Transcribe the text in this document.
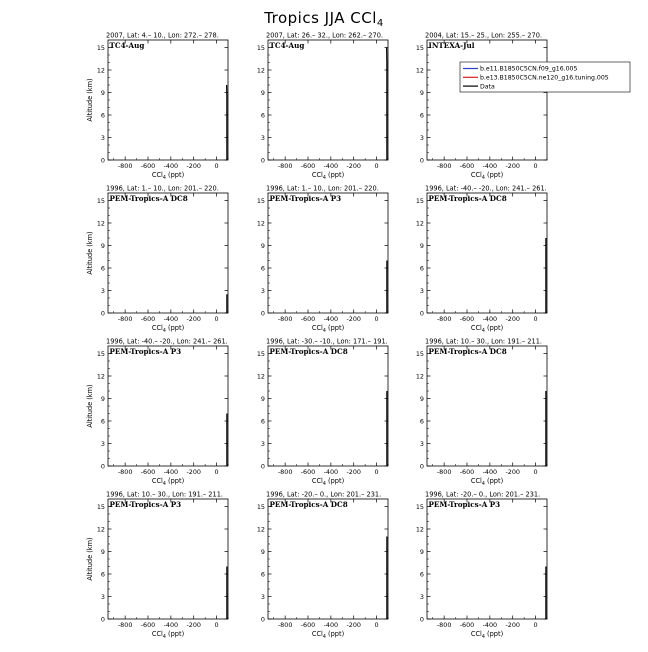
Tropics JJA CCl$_4$
2007, Lat: 4.– 10., Lon: 272.– 278.
TC4-Aug
-800 -600 -400 -200 0
0
3
6
9
12
15
CCl$_4$ (ppt)
Altitude (km)
2007, Lat: 26.– 32., Lon: 262.– 270.
TC4-Aug
-800 -600 -400 -200 0
0
3
6
9
12
15
CCl$_4$ (ppt)
2004, Lat: 15.– 25., Lon: 255.– 270.
INTEXA-Jul
-800 -600 -400 -200 0
0
3
6
9
12
15
CCl$_4$ (ppt)
1996, Lat: 1.– 10., Lon: 201.– 220.
PEM-Tropics-A DC8
-800 -600 -400 -200 0
0
3
6
9
12
15
CCl$_4$ (ppt)
Altitude (km)
1996, Lat: 1.– 10., Lon: 201.– 220.
PEM-Tropics-A P3
-800 -600 -400 -200 0
0
3
6
9
12
15
CCl$_4$ (ppt)
1996, Lat: -40.– -20., Lon: 241.– 261.
PEM-Tropics-A DC8
-800 -600 -400 -200 0
0
3
6
9
12
15
CCl$_4$ (ppt)
1996, Lat: -40.– -20., Lon: 241.– 261.
PEM-Tropics-A P3
-800 -600 -400 -200 0
0
3
6
9
12
15
CCl$_4$ (ppt)
Altitude (km)
1996, Lat: -30.– -10., Lon: 171.– 191.
PEM-Tropics-A DC8
-800 -600 -400 -200 0
0
3
6
9
12
15
CCl$_4$ (ppt)
1996, Lat: 10.– 30., Lon: 191.– 211.
PEM-Tropics-A DC8
-800 -600 -400 -200 0
0
3
6
9
12
15
CCl$_4$ (ppt)
1996, Lat: 10.– 30., Lon: 191.– 211.
PEM-Tropics-A P3
-800 -600 -400 -200 0
0
3
6
9
12
15
CCl$_4$ (ppt)
Altitude (km)
1996, Lat: -20.– 0., Lon: 201.– 231.
PEM-Tropics-A DC8
-800 -600 -400 -200 0
0
3
6
9
12
15
CCl$_4$ (ppt)
1996, Lat: -20.– 0., Lon: 201.– 231.
PEM-Tropics-A P3
-800 -600 -400 -200 0
0
3
6
9
12
15
CCl$_4$ (ppt)
b.e11.B1850C5CN.f09_g16.005
b.e13.B1850C5CN.ne120_g16.tuning.005
Data
